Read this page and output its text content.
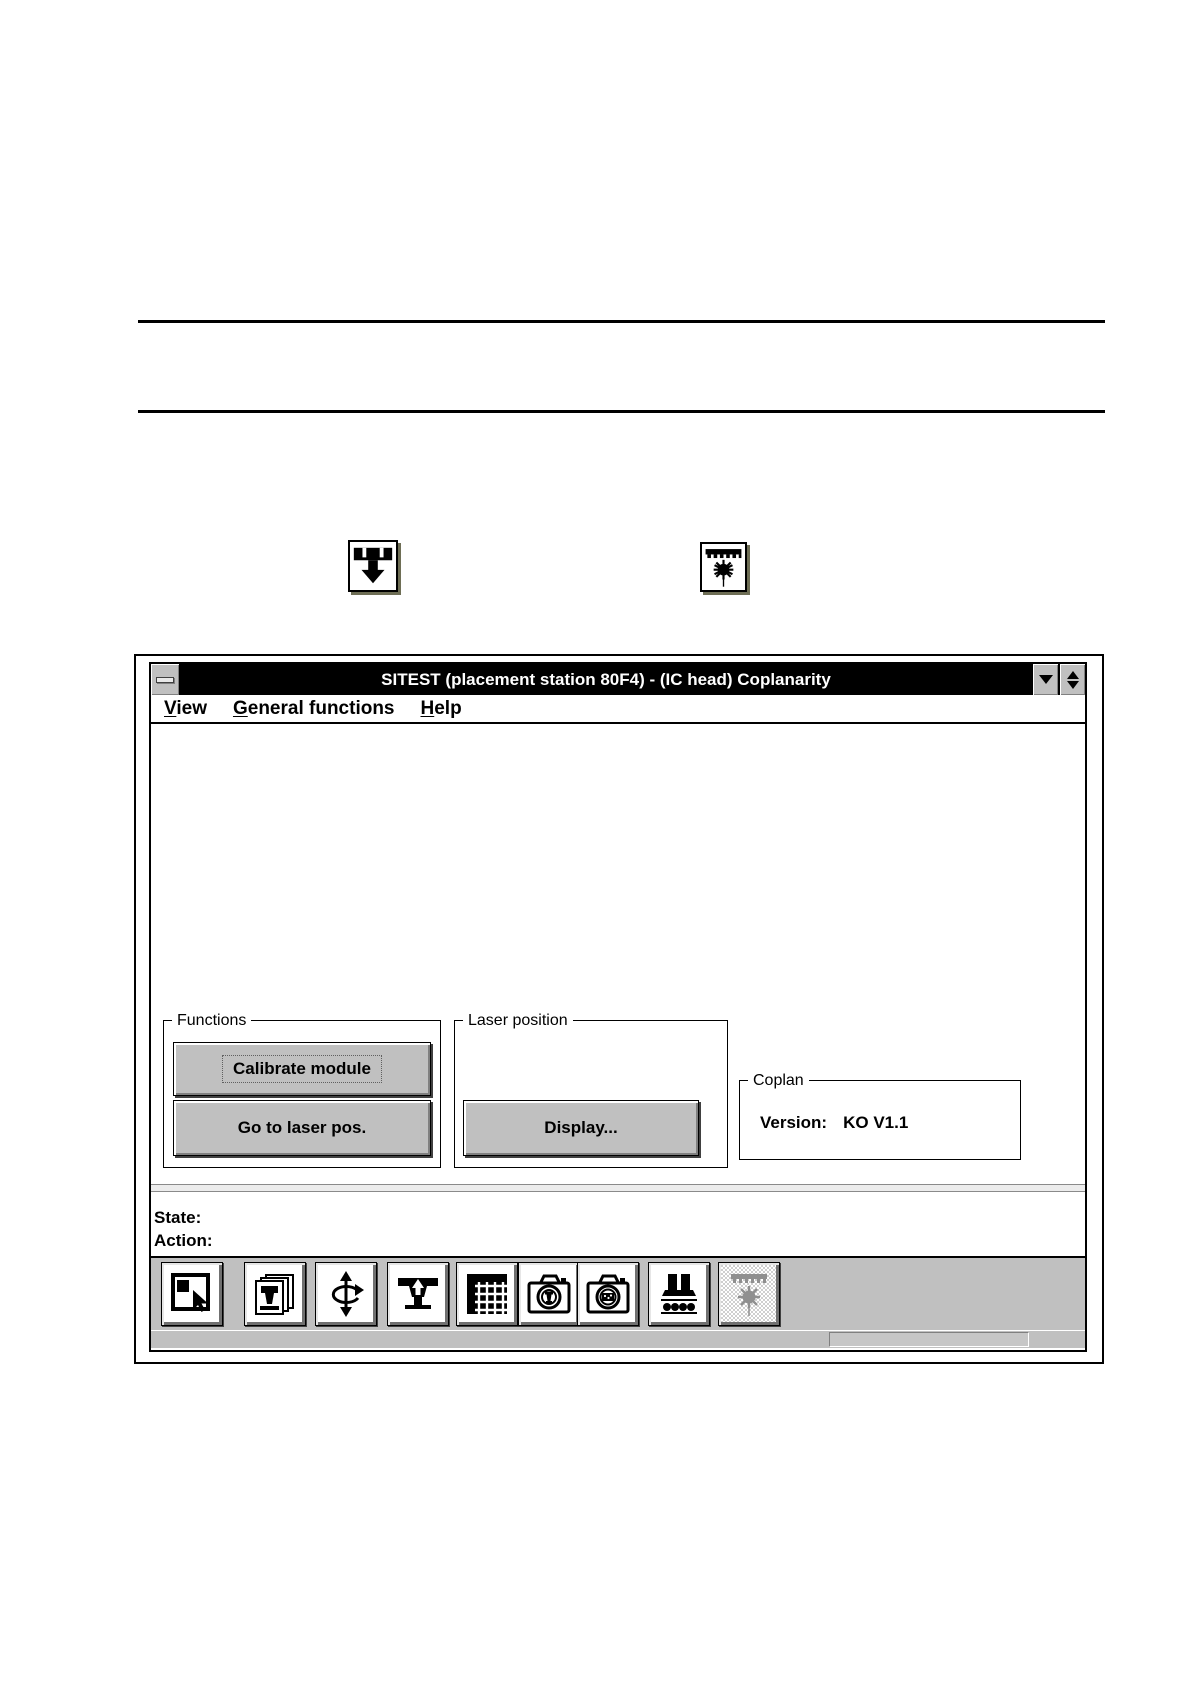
SITEST (placement station 80F4) - (IC head) Coplanarity
View General functions Help
Functions	Laser position
Coplan
Version: KO V1.1
Calibrate module
Go to laser pos.	Display...
State:
Action:
